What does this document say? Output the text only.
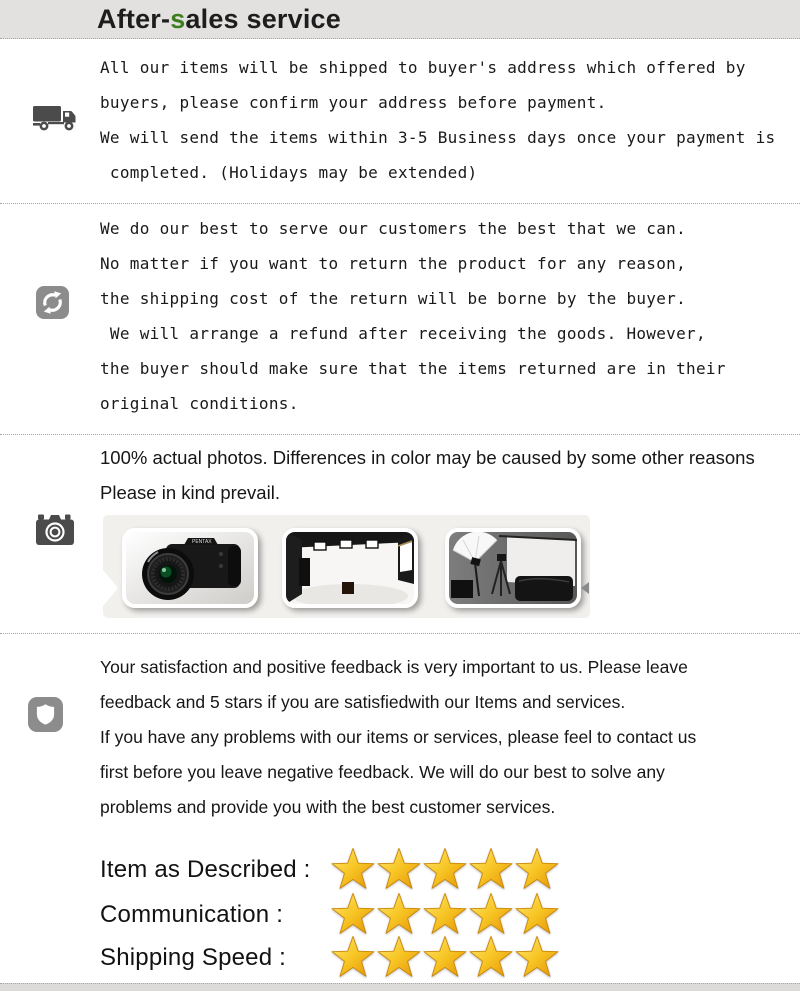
After-sales service
All our items will be shipped to buyer's address which offered by
buyers, please confirm your address before payment.
We will send the items within 3-5 Business days once your payment is
completed. (Holidays may be extended)
We do our best to serve our customers the best that we can.
No matter if you want to return the product for any reason,
the shipping cost of the return will be borne by the buyer.
We will arrange a refund after receiving the goods. However,
the buyer should make sure that the items returned are in their
original conditions.
100% actual photos. Differences in color may be caused by some other reasons
Please in kind prevail.
PENTAX
Your satisfaction and positive feedback is very important to us. Please leave
feedback and 5 stars if you are satisfiedwith our Items and services.
If you have any problems with our items or services, please feel to contact us
first before you leave negative feedback. We will do our best to solve any
problems and provide you with the best customer services.
Item as Described :
Communication :
Shipping Speed :
